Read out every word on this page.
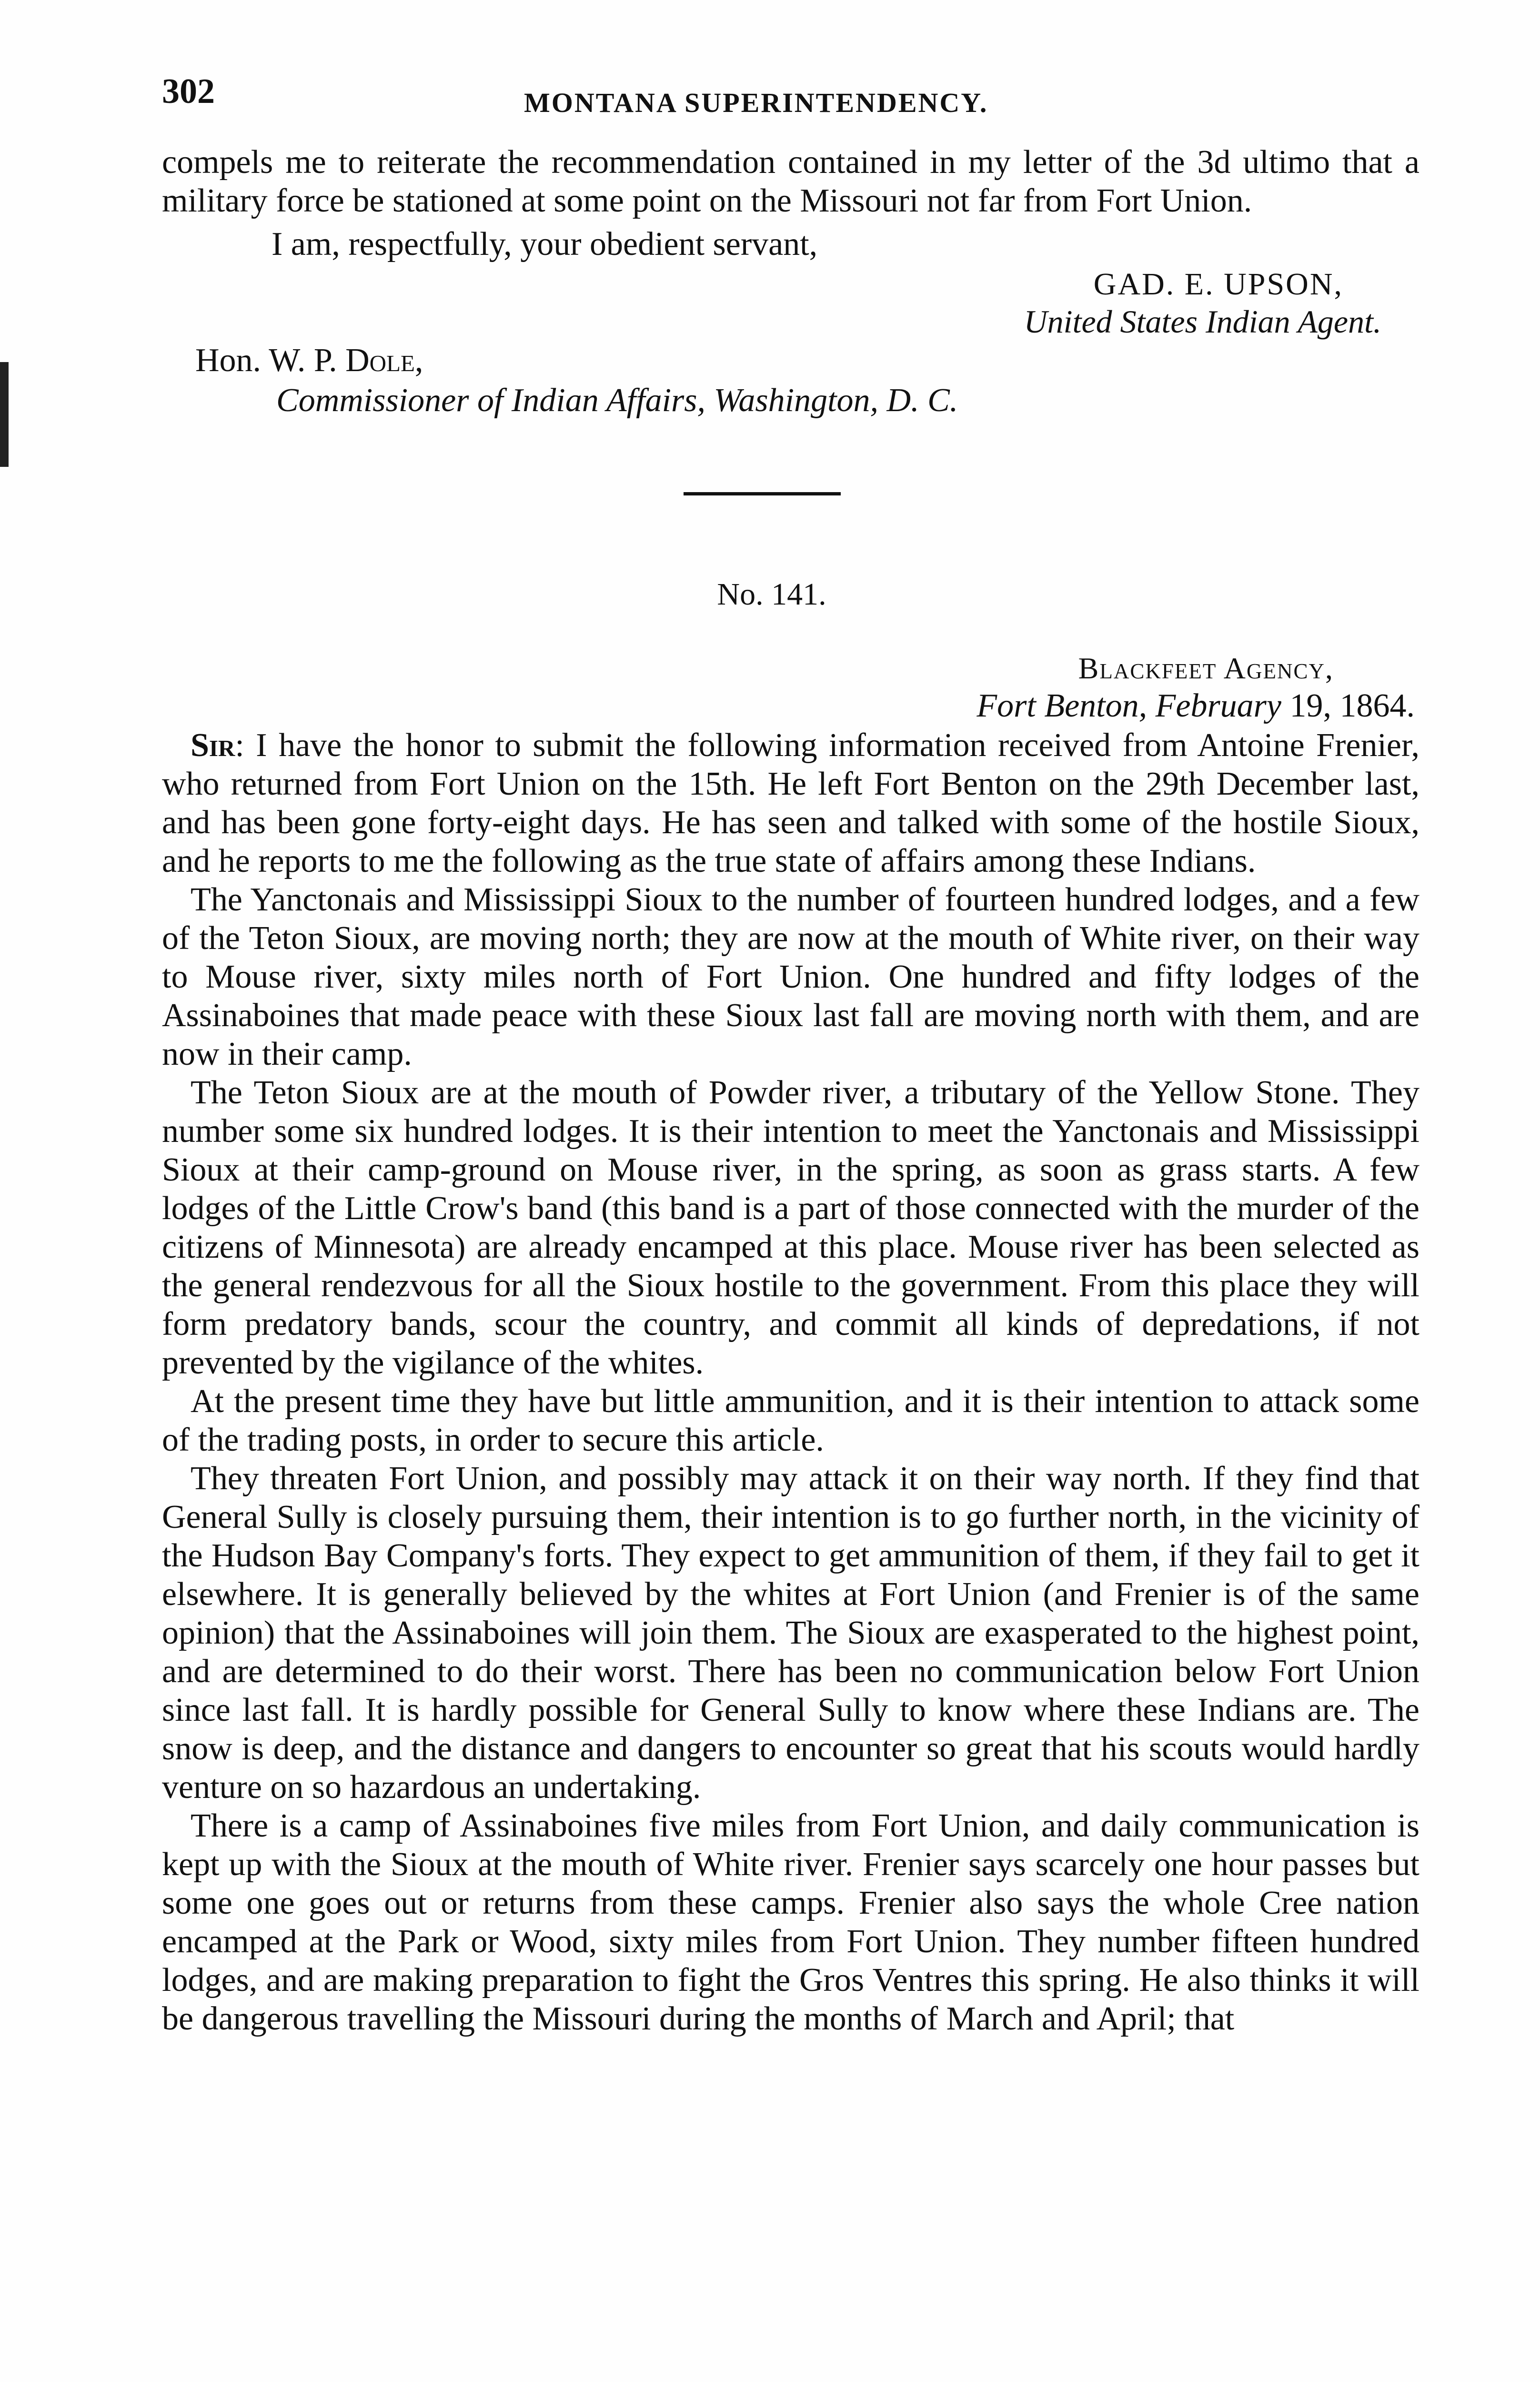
302	MONTANA SUPERINTENDENCY.

compels me to reiterate the recommendation contained in my letter of the 3d ultimo that a military force be stationed at some point on the Missouri not far from Fort Union.

I am, respectfully, your obedient servant,
GAD. E. UPSON,
United States Indian Agent.
Hon. W. P. Dole,
Commissioner of Indian Affairs, Washington, D. C.
No. 141.
Blackfeet Agency,
Fort Benton, February 19, 1864.

Sir: I have the honor to submit the following information received from Antoine Frenier, who returned from Fort Union on the 15th. He left Fort Benton on the 29th December last, and has been gone forty-eight days. He has seen and talked with some of the hostile Sioux, and he reports to me the following as the true state of affairs among these Indians.

The Yanctonais and Mississippi Sioux to the number of fourteen hundred lodges, and a few of the Teton Sioux, are moving north; they are now at the mouth of White river, on their way to Mouse river, sixty miles north of Fort Union. One hundred and fifty lodges of the Assinaboines that made peace with these Sioux last fall are moving north with them, and are now in their camp.

The Teton Sioux are at the mouth of Powder river, a tributary of the Yellow Stone. They number some six hundred lodges. It is their intention to meet the Yanctonais and Mississippi Sioux at their camp-ground on Mouse river, in the spring, as soon as grass starts. A few lodges of the Little Crow's band (this band is a part of those connected with the murder of the citizens of Minnesota) are already encamped at this place. Mouse river has been selected as the general rendezvous for all the Sioux hostile to the government. From this place they will form predatory bands, scour the country, and commit all kinds of depredations, if not prevented by the vigilance of the whites.

At the present time they have but little ammunition, and it is their intention to attack some of the trading posts, in order to secure this article.

They threaten Fort Union, and possibly may attack it on their way north. If they find that General Sully is closely pursuing them, their intention is to go further north, in the vicinity of the Hudson Bay Company's forts. They expect to get ammunition of them, if they fail to get it elsewhere. It is generally believed by the whites at Fort Union (and Frenier is of the same opinion) that the Assinaboines will join them. The Sioux are exasperated to the highest point, and are determined to do their worst. There has been no communication below Fort Union since last fall. It is hardly possible for General Sully to know where these Indians are. The snow is deep, and the distance and dangers to encounter so great that his scouts would hardly venture on so hazardous an undertaking.

There is a camp of Assinaboines five miles from Fort Union, and daily communication is kept up with the Sioux at the mouth of White river. Frenier says scarcely one hour passes but some one goes out or returns from these camps. Frenier also says the whole Cree nation encamped at the Park or Wood, sixty miles from Fort Union. They number fifteen hundred lodges, and are making preparation to fight the Gros Ventres this spring. He also thinks it will be dangerous travelling the Missouri during the months of March and April; that
